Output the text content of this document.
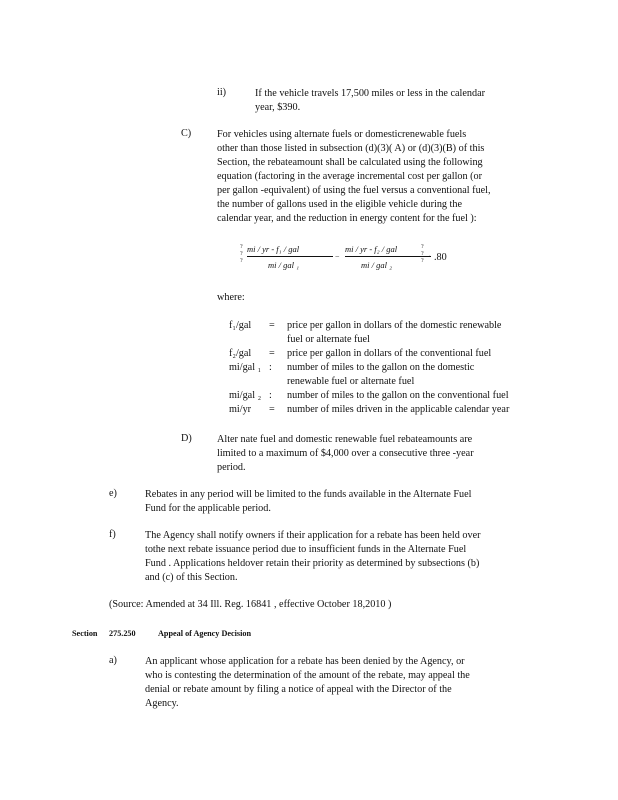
ii)	If the vehicle travels 17,500 miles or less in the calendar
year, $390.
C)	For vehicles using alternate fuels or domesticrenewable fuels
other than those listed in subsection (d)(3)( A) or (d)(3)(B) of this
Section, the rebateamount shall be calculated using the following
equation (factoring in the average incremental cost per gallon (or
per gallon -equivalent) of using the fuel versus a conventional fuel,
the number of gallons used in the eligible vehicle during the
calendar year, and the reduction in energy content for the fuel ):
?
?
?
mi / yr - f₁ / gal
mi / gal ₁
−
mi / yr - f₂ / gal
mi / gal ₂
?
?
? · .80
where:
f₁/gal = price per gallon in dollars of the domestic renewable
fuel or alternate fuel
f₂/gal = price per gallon in dollars of the conventional fuel
mi/gal ₁ : number of miles to the gallon on the domestic
renewable fuel or alternate fuel
mi/gal ₂ : number of miles to the gallon on the conventional fuel
mi/yr = number of miles driven in the applicable calendar year
D) Alter nate fuel and domestic renewable fuel rebateamounts are
limited to a maximum of $4,000 over a consecutive three -year
period.
e)	Rebates in any period will be limited to the funds available in the Alternate Fuel
Fund for the applicable period.
f)	The Agency shall notify owners if their application for a rebate has been held over
tothe next rebate issuance period due to insufficient funds in the Alternate Fuel
Fund . Applications heldover retain their priority as determined by subsections (b)
and (c) of this Section.
(Source: Amended at 34 Ill. Reg. 16841 , effective October 18,2010 )
Section 275.250	Appeal of Agency Decision
a)	An applicant whose application for a rebate has been denied by the Agency, or
who is contesting the determination of the amount of the rebate, may appeal the
denial or rebate amount by filing a notice of appeal with the Director of the
Agency.
